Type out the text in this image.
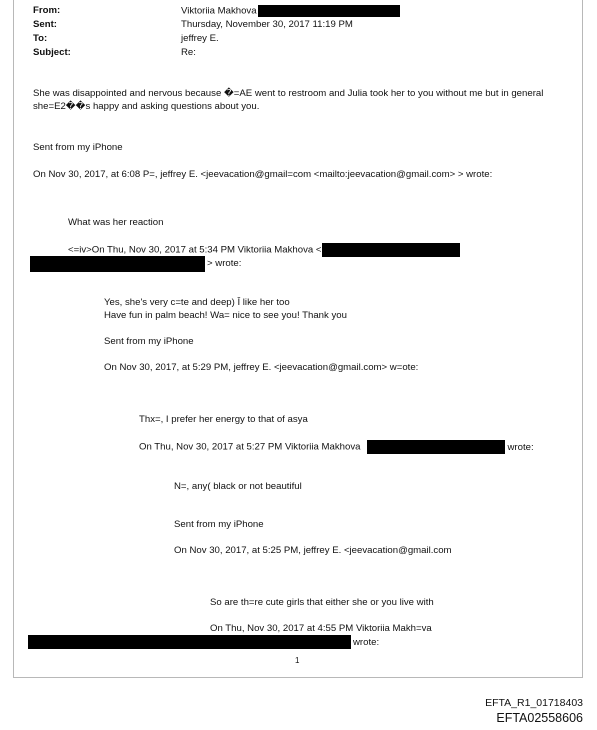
From:	Viktoriia Makhova
Sent:	Thursday, November 30, 2017 11:19 PM
To:	jeffrey E.
Subject:	Re:
She was disappointed and nervous because �=AE went to restroom and Julia took her to you without me but in general
she=E2��s happy and asking questions about you.
Sent from my iPhone
On Nov 30, 2017, at 6:08 P=, jeffrey E. <jeevacation@gmail=com <mailto:jeevacation@gmail.com> > wrote:
What was her reaction
<=iv>On Thu, Nov 30, 2017 at 5:34 PM Viktoriia Makhova <
> wrote:
Yes, she's very c=te and deep) Î like her too
Have fun in palm beach! Wa= nice to see you! Thank you
Sent from my iPhone
On Nov 30, 2017, at 5:29 PM, jeffrey E. <jeevacation@gmail.com> w=ote:
Thx=, I prefer her energy to that of asya
On Thu, Nov 30, 2017 at 5:27 PM Viktoriia Makhova	wrote:
N=, any( black or not beautiful
Sent from my iPhone
On Nov 30, 2017, at 5:25 PM, jeffrey E. <jeevacation@gmail.com
So are th=re cute girls that either she or you live with
On Thu, Nov 30, 2017 at 4:55 PM Viktoriia Makh=va
wrote:
1
EFTA_R1_01718403
EFTA02558606
